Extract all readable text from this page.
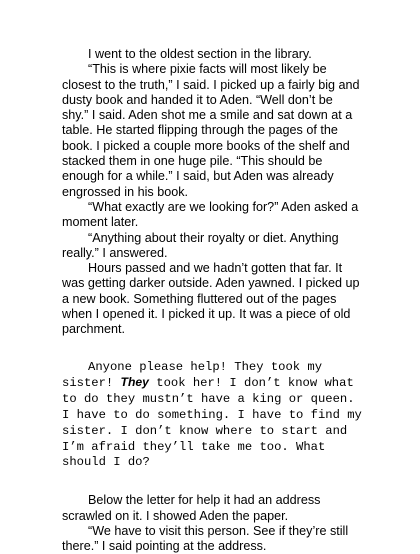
I went to the oldest section in the library.

“This is where pixie facts will most likely be closest to the truth,” I said. I picked up a fairly big and dusty book and handed it to Aden. “Well don’t be shy.” I said. Aden shot me a smile and sat down at a table. He started flipping through the pages of the book. I picked a couple more books of the shelf and stacked them in one huge pile. “This should be enough for a while.” I said, but Aden was already engrossed in his book.

“What exactly are we looking for?” Aden asked a moment later.

“Anything about their royalty or diet. Anything really.” I answered.

Hours passed and we hadn’t gotten that far. It was getting darker outside. Aden yawned. I picked up a new book. Something fluttered out of the pages when I opened it. I picked it up. It was a piece of old parchment.

Anyone please help! They took my sister! They took her! I don’t know what to do they mustn’t have a king or queen. I have to do something. I have to find my sister. I don’t know where to start and I’m afraid they’ll take me too. What should I do?

Below the letter for help it had an address scrawled on it. I showed Aden the paper.

“We have to visit this person. See if they’re still there.” I said pointing at the address.
